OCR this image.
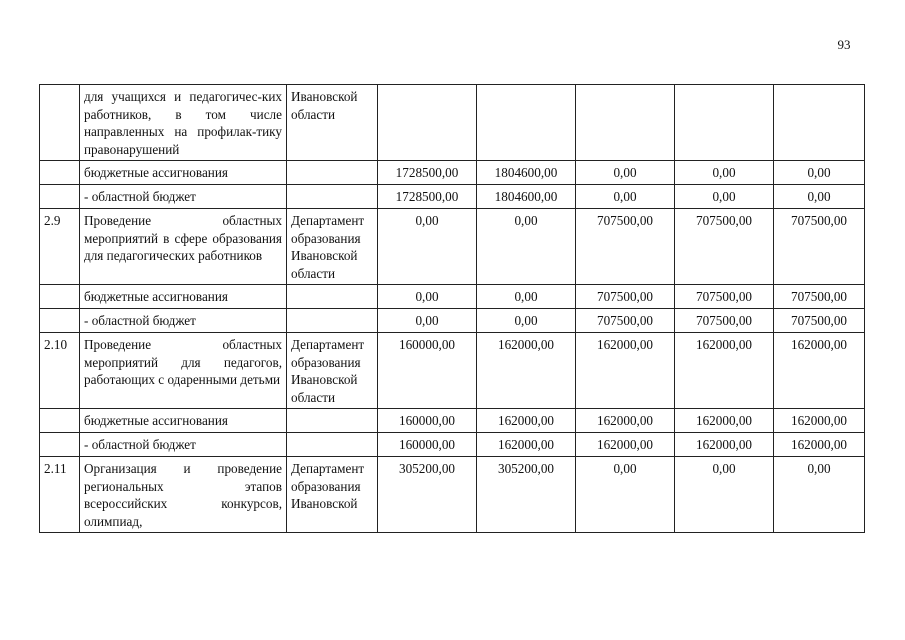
93
	для учащихся и педагогичес-ких работников, в том числе направленных на профилак-тику правонарушений	Ивановской области					
	бюджетные ассигнования		1728500,00	1804600,00	0,00	0,00	0,00
	- областной бюджет		1728500,00	1804600,00	0,00	0,00	0,00
2.9	Проведение областных мероприятий в сфере образования для педагогических работников	Департамент образования Ивановской области	0,00	0,00	707500,00	707500,00	707500,00
	бюджетные ассигнования		0,00	0,00	707500,00	707500,00	707500,00
	- областной бюджет		0,00	0,00	707500,00	707500,00	707500,00
2.10	Проведение областных мероприятий для педагогов, работающих с одаренными детьми	Департамент образования Ивановской области	160000,00	162000,00	162000,00	162000,00	162000,00
	бюджетные ассигнования		160000,00	162000,00	162000,00	162000,00	162000,00
	- областной бюджет		160000,00	162000,00	162000,00	162000,00	162000,00
2.11	Организация и проведение региональных этапов всероссийских конкурсов, олимпиад,	Департамент образования Ивановской	305200,00	305200,00	0,00	0,00	0,00
